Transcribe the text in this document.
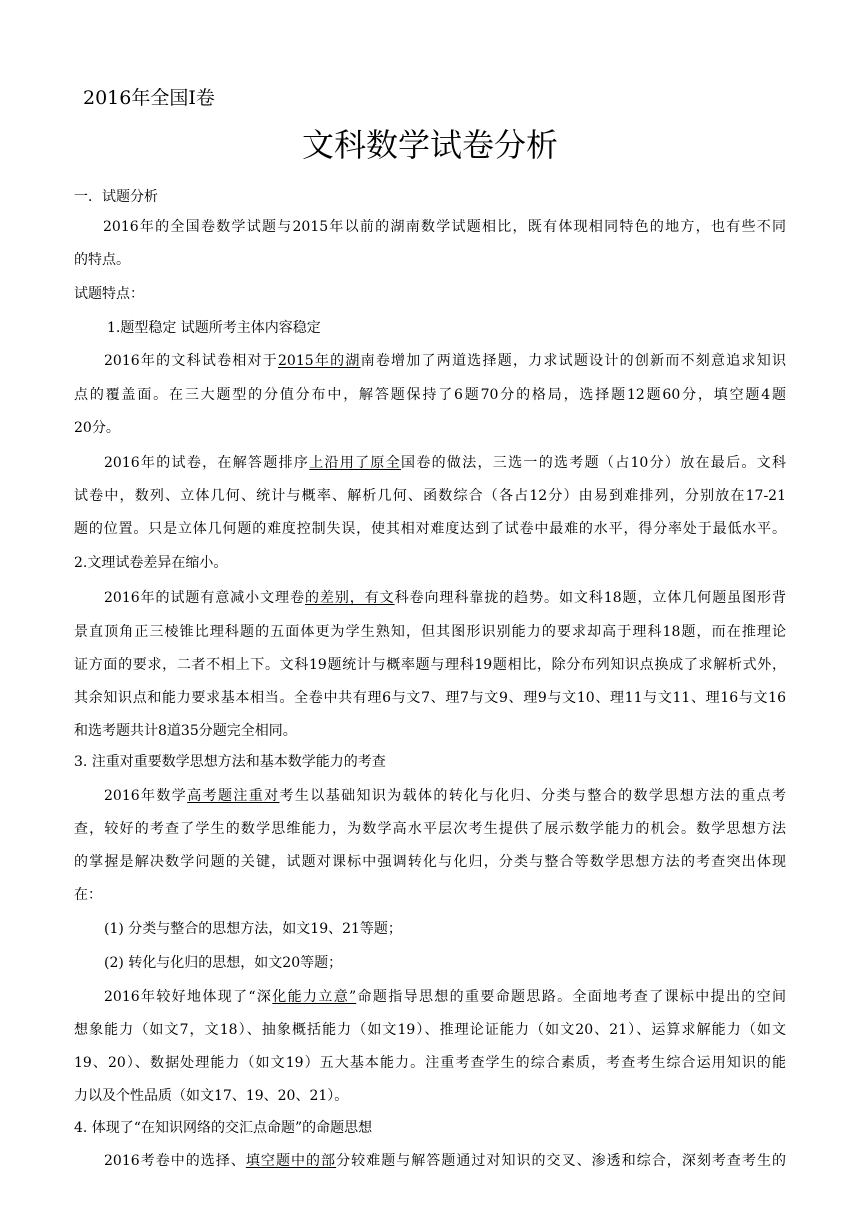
2016年全国Ⅰ卷
文科数学试卷分析
一．试题分析
2016年的全国卷数学试题与2015年以前的湖南数学试题相比，既有体现相同特色的地方，也有些不同
的特点。
试题特点：
1.题型稳定 试题所考主体内容稳定
2016年的文科试卷相对于2015年的湖南卷增加了两道选择题，力求试题设计的创新而不刻意追求知识
点的覆盖面。在三大题型的分值分布中，解答题保持了6题70分的格局，选择题12题60分，填空题4题
20分。
2016年的试卷，在解答题排序上沿用了原全国卷的做法，三选一的选考题（占10分）放在最后。文科
试卷中，数列、立体几何、统计与概率、解析几何、函数综合（各占12分）由易到难排列，分别放在17-21
题的位置。只是立体几何题的难度控制失误，使其相对难度达到了试卷中最难的水平，得分率处于最低水平。
2.文理试卷差异在缩小。
2016年的试题有意减小文理卷的差别，有文科卷向理科靠拢的趋势。如文科18题，立体几何题虽图形背
景直顶角正三棱锥比理科题的五面体更为学生熟知，但其图形识别能力的要求却高于理科18题，而在推理论
证方面的要求，二者不相上下。文科19题统计与概率题与理科19题相比，除分布列知识点换成了求解析式外，
其余知识点和能力要求基本相当。全卷中共有理6与文7、理7与文9、理9与文10、理11与文11、理16与文16
和选考题共计8道35分题完全相同。
3. 注重对重要数学思想方法和基本数学能力的考查
2016年数学高考题注重对考生以基础知识为载体的转化与化归、分类与整合的数学思想方法的重点考
查，较好的考查了学生的数学思维能力，为数学高水平层次考生提供了展示数学能力的机会。数学思想方法
的掌握是解决数学问题的关键，试题对课标中强调转化与化归，分类与整合等数学思想方法的考查突出体现
在：
(1) 分类与整合的思想方法，如文19、21等题；
(2) 转化与化归的思想，如文20等题；
2016年较好地体现了“深化能力立意”命题指导思想的重要命题思路。全面地考查了课标中提出的空间
想象能力（如文7，文18）、抽象概括能力（如文19）、推理论证能力（如文20、21）、运算求解能力（如文
19、20）、数据处理能力（如文19）五大基本能力。注重考查学生的综合素质，考查考生综合运用知识的能
力以及个性品质（如文17、19、20、21）。
4. 体现了“在知识网络的交汇点命题”的命题思想
2016考卷中的选择、填空题中的部分较难题与解答题通过对知识的交叉、渗透和综合，深刻考查考生的
